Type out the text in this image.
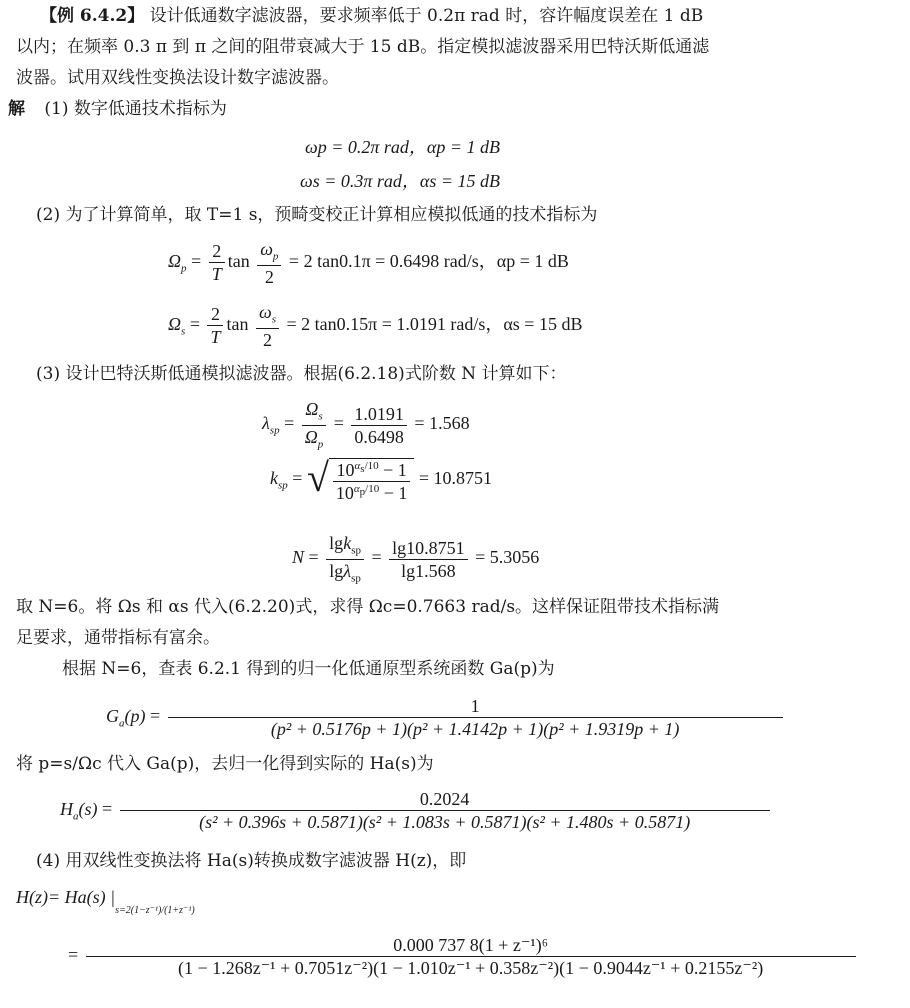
【例 6.4.2】 设计低通数字滤波器，要求频率低于 0.2π rad 时，容许幅度误差在 1 dB
以内；在频率 0.3 π 到 π 之间的阻带衰减大于 15 dB。指定模拟滤波器采用巴特沃斯低通滤
波器。试用双线性变换法设计数字滤波器。
解 (1) 数字低通技术指标为
ωp = 0.2π rad，αp = 1 dB
ωs = 0.3π rad，αs = 15 dB
(2) 为了计算简单，取 T=1 s，预畸变校正计算相应模拟低通的技术指标为
$\Omega_p = \frac{2}{T}$ $\tan \frac{\omega_p}{2} = 2$ tan0.1π = 0.6498 rad/s，αp = 1 dB
$\Omega_s = \frac{2}{T}$ $\tan \frac{\omega_s}{2} = 2$ tan0.15π = 1.0191 rad/s，αs = 15 dB
(3) 设计巴特沃斯低通模拟滤波器。根据(6.2.18)式阶数 N 计算如下：
$\lambda_{sp} = \frac{\Omega_s}{\Omega_p} = \frac{1.0191}{0.6498} = 1.568$
$k_{sp}$ = √ $\frac{10^{\alpha_s/10} - 1}{10^{\alpha_p/10} - 1} = 10.8751$
$N = \frac{\lg k_{sp}}{\lg\lambda_{sp}} = \frac{\lg 10.8751}{\lg 1.568} = 5.3056$
取 N=6。将 Ωs 和 αs 代入(6.2.20)式，求得 Ωc=0.7663 rad/s。这样保证阻带技术指标满
足要求，通带指标有富余。
根据 N=6，查表 6.2.1 得到的归一化低通原型系统函数 Ga(p)为
$G_a(p) = \frac{1}{\text{(p² + 0.5176p + 1)(p² + 1.4142p + 1)(p² + 1.9319p + 1)}}$
将 p=s/Ωc 代入 Ga(p)，去归一化得到实际的 Ha(s)为
$H_a(s)$ =	0.2024
(s² + 0.396s + 0.5871)(s² + 1.083s + 0.5871)(s² + 1.480s + 0.5871)
(4) 用双线性变换法将 Ha(s)转换成数字滤波器 H(z)，即
H(z)= Ha(s) $|_{s=2(1-z^{-1})/(1+z^{-1})}$
=	0.000 737 8(1 + z⁻¹)⁶
(1 − 1.268z⁻¹ + 0.7051z⁻²)(1 − 1.010z⁻¹ + 0.358z⁻²)(1 − 0.9044z⁻¹ + 0.2155z⁻²)
